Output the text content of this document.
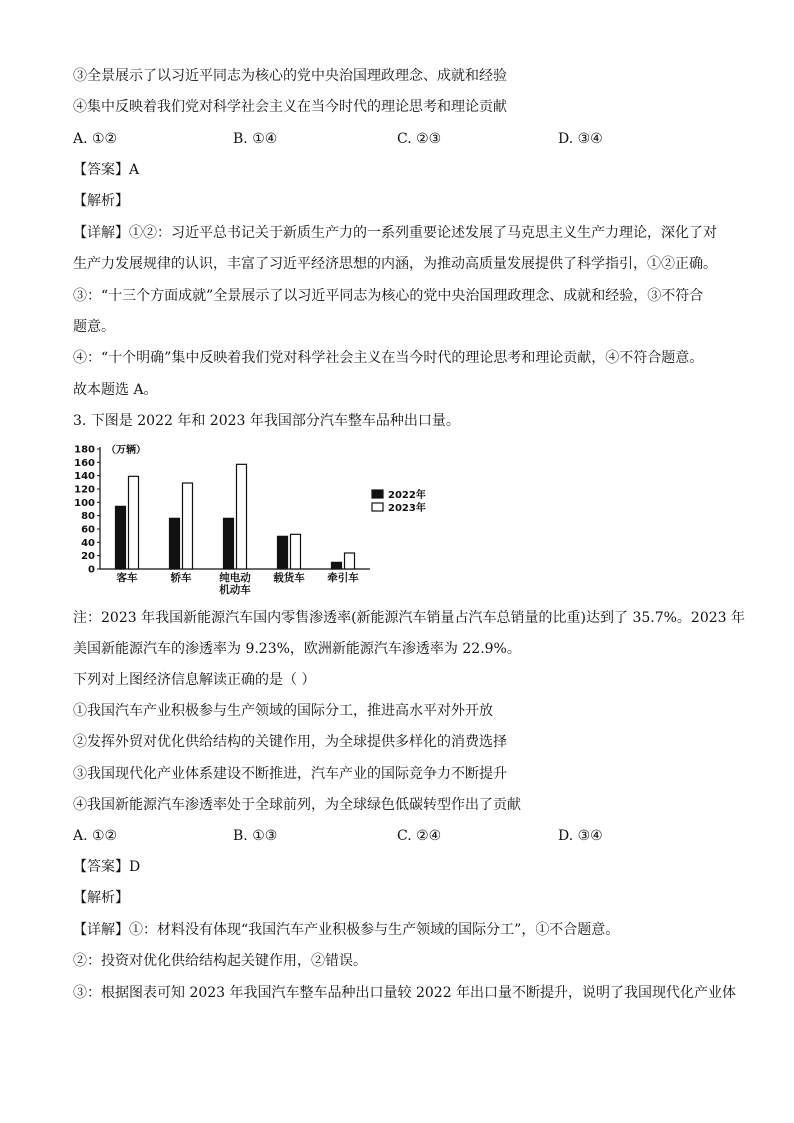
③全景展示了以习近平同志为核心的党中央治国理政理念、成就和经验
④集中反映着我们党对科学社会主义在当今时代的理论思考和理论贡献
A. ①②	B. ①④	C. ②③	D. ③④
【答案】A
【解析】
【详解】①②：习近平总书记关于新质生产力的一系列重要论述发展了马克思主义生产力理论，深化了对
生产力发展规律的认识，丰富了习近平经济思想的内涵，为推动高质量发展提供了科学指引，①②正确。
③：“十三个方面成就”全景展示了以习近平同志为核心的党中央治国理政理念、成就和经验，③不符合
题意。
④：“十个明确”集中反映着我们党对科学社会主义在当今时代的理论思考和理论贡献，④不符合题意。
故本题选 A。
3. 下图是 2022 年和 2023 年我国部分汽车整车品种出口量。
（万辆）
0
20
40
60
80
100
120
140
160
180
客车	轿车	纯电动
机动车
载货车 牵引车
2022年
2023年
注：2023 年我国新能源汽车国内零售渗透率(新能源汽车销量占汽车总销量的比重)达到了 35.7%。2023 年
美国新能源汽车的渗透率为 9.23%，欧洲新能源汽车渗透率为 22.9%。
下列对上图经济信息解读正确的是（ ）
①我国汽车产业积极参与生产领域的国际分工，推进高水平对外开放
②发挥外贸对优化供给结构的关键作用，为全球提供多样化的消费选择
③我国现代化产业体系建设不断推进，汽车产业的国际竞争力不断提升
④我国新能源汽车渗透率处于全球前列，为全球绿色低碳转型作出了贡献
A. ①②	B. ①③	C. ②④	D. ③④
【答案】D
【解析】
【详解】①：材料没有体现“我国汽车产业积极参与生产领域的国际分工”，①不合题意。
②：投资对优化供给结构起关键作用，②错误。
③：根据图表可知 2023 年我国汽车整车品种出口量较 2022 年出口量不断提升，说明了我国现代化产业体
